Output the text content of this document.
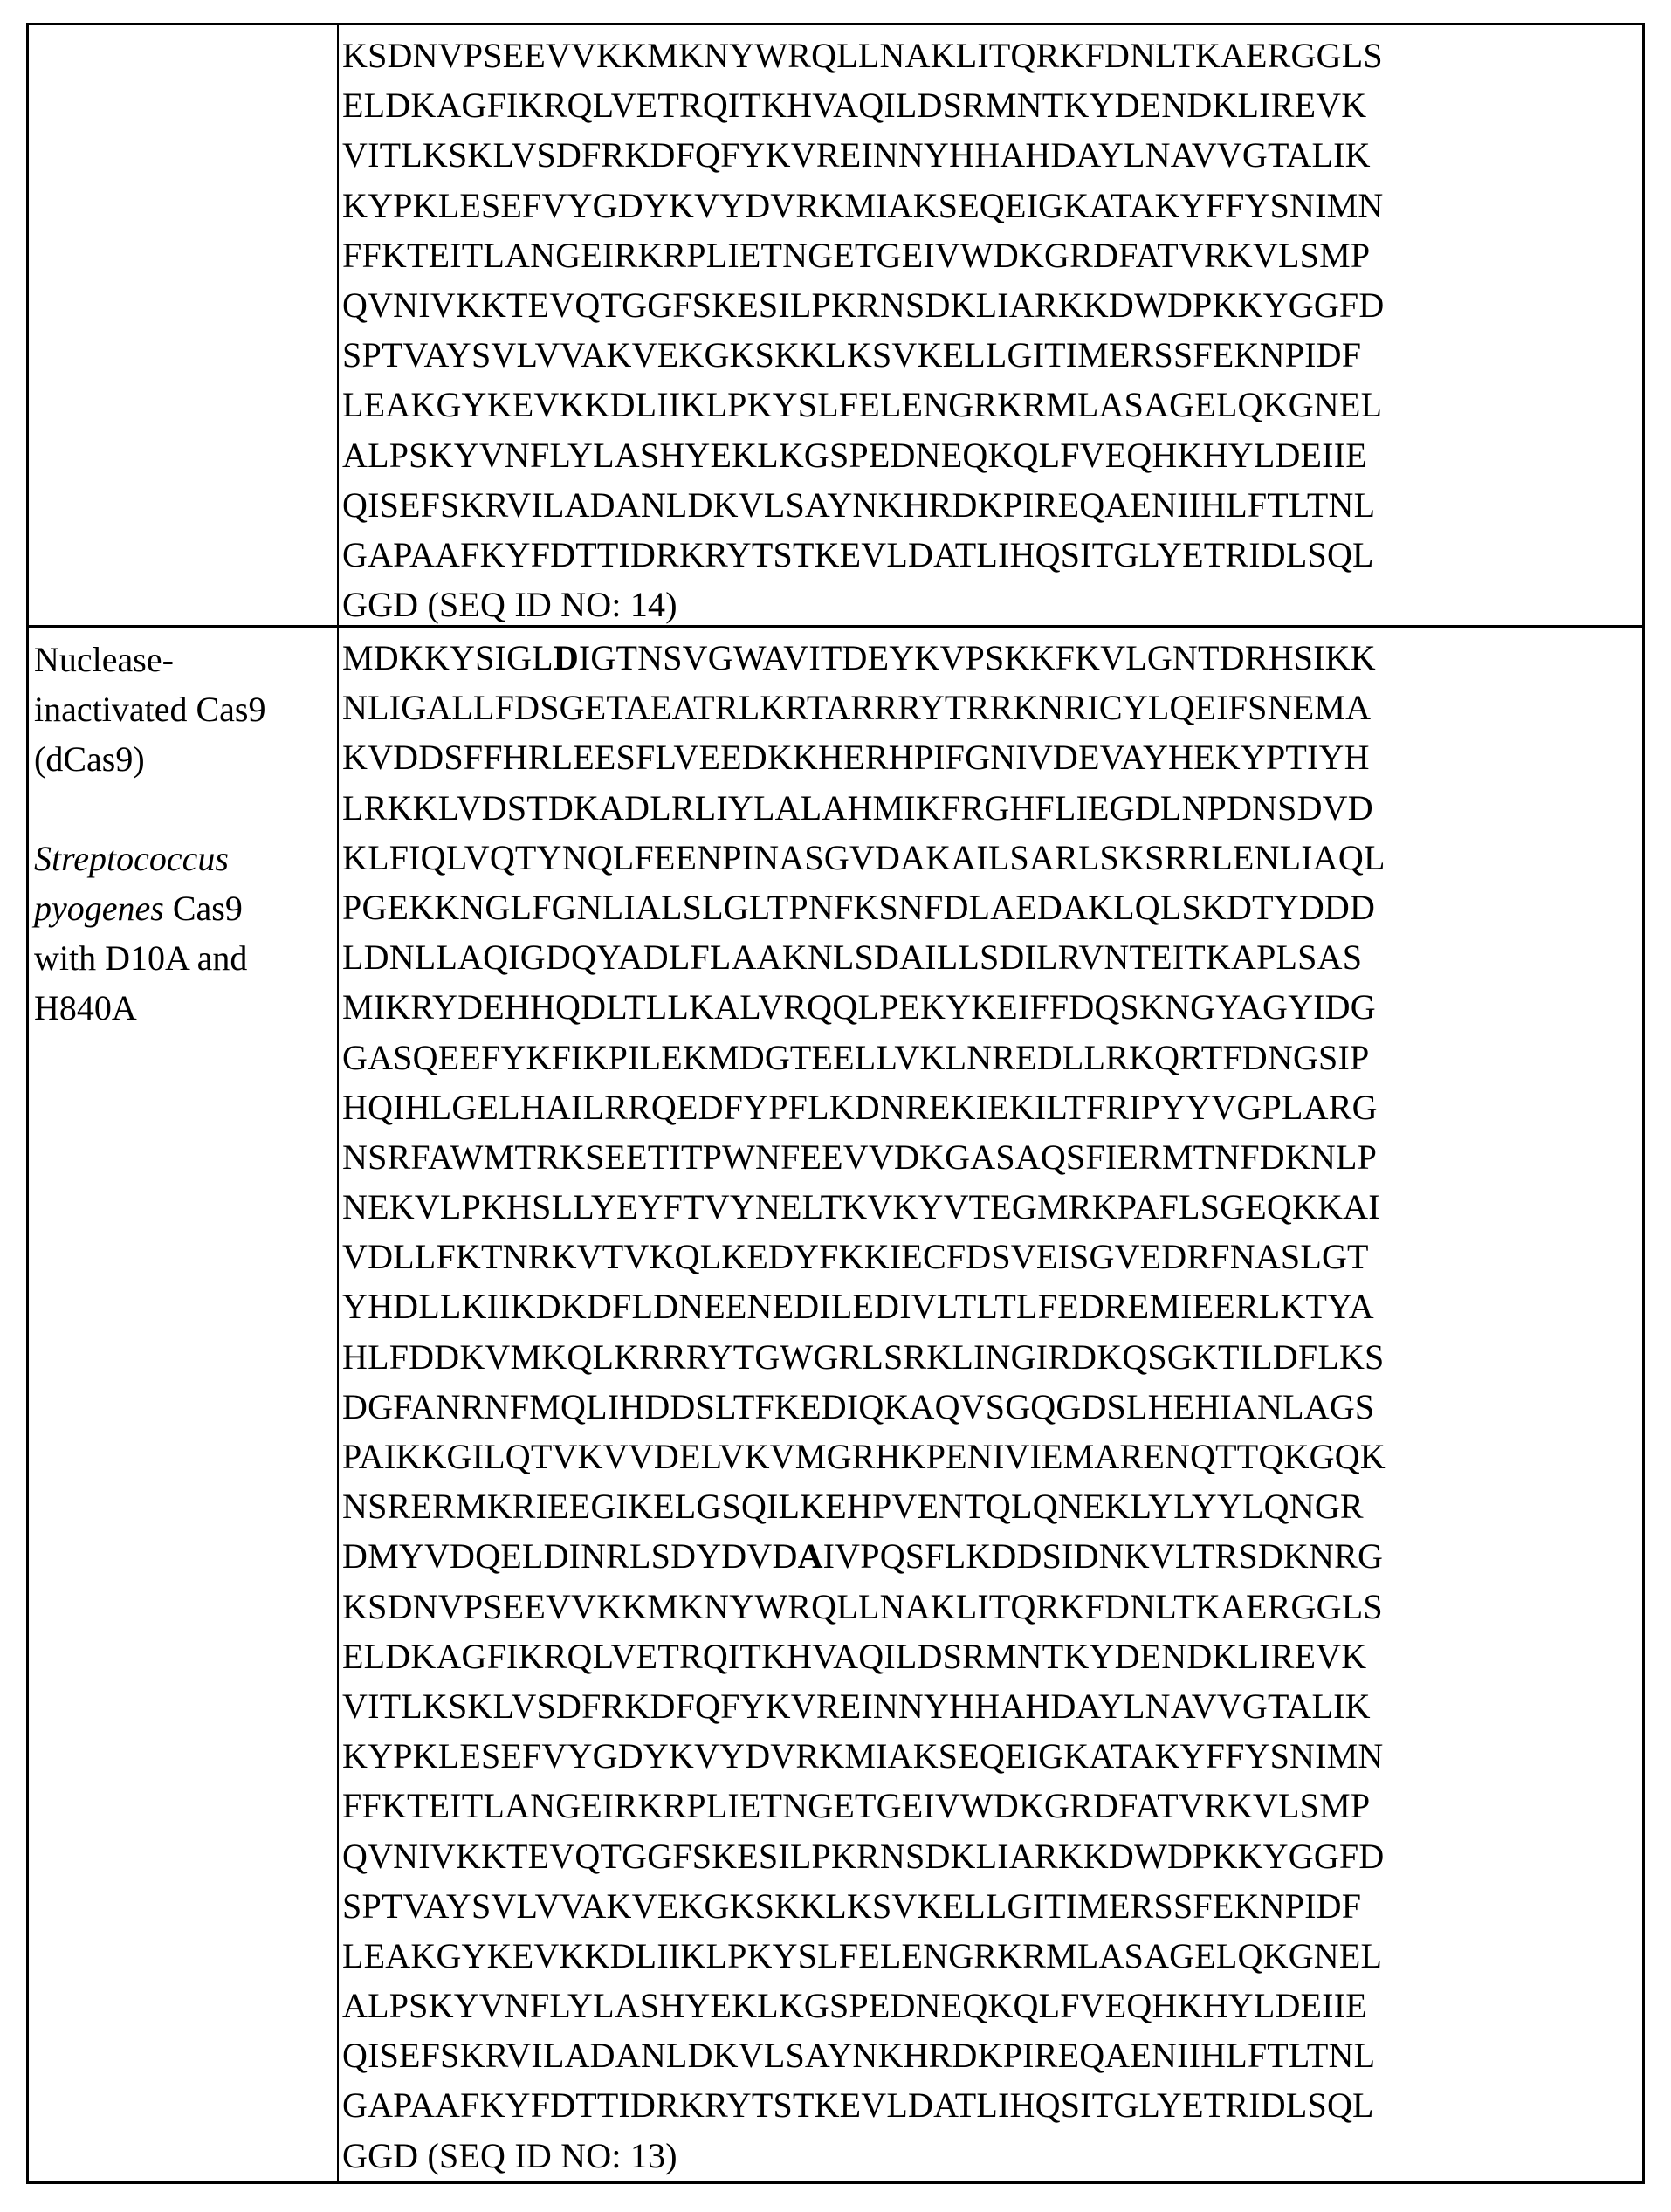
KSDNVPSEEVVKKMKNYWRQLLNAKLITQRKFDNLTKAERGGLS
ELDKAGFIKRQLVETRQITKHVAQILDSRMNTKYDENDKLIREVK
VITLKSKLVSDFRKDFQFYKVREINNYHHAHDAYLNAVVGTALIK
KYPKLESEFVYGDYKVYDVRKMIAKSEQEIGKATAKYFFYSNIMN
FFKTEITLANGEIRKRPLIETNGETGEIVWDKGRDFATVRKVLSMP
QVNIVKKTEVQTGGFSKESILPKRNSDKLIARKKDWDPKKYGGFD
SPTVAYSVLVVAKVEKGKSKKLKSVKELLGITIMERSSFEKNPIDF
LEAKGYKEVKKDLIIKLPKYSLFELENGRKRMLASAGELQKGNEL
ALPSKYVNFLYLASHYEKLKGSPEDNEQKQLFVEQHKHYLDEIIE
QISEFSKRVILADANLDKVLSAYNKHRDKPIREQAENIIHLFTLTNL
GAPAAFKYFDTTIDRKRYTSTKEVLDATLIHQSITGLYETRIDLSQL
GGD (SEQ ID NO: 14)
Nuclease-
inactivated Cas9
(dCas9)
Streptococcus
pyogenes Cas9
with D10A and
H840A
MDKKYSIGLDIGTNSVGWAVITDEYKVPSKKFKVLGNTDRHSIKK
NLIGALLFDSGETAEATRLKRTARRRYTRRKNRICYLQEIFSNEMA
KVDDSFFHRLEESFLVEEDKKHERHPIFGNIVDEVAYHEKYPTIYH
LRKKLVDSTDKADLRLIYLALAHMIKFRGHFLIEGDLNPDNSDVD
KLFIQLVQTYNQLFEENPINASGVDAKAILSARLSKSRRLENLIAQL
PGEKKNGLFGNLIALSLGLTPNFKSNFDLAEDAKLQLSKDTYDDD
LDNLLAQIGDQYADLFLAAKNLSDAILLSDILRVNTEITKAPLSAS
MIKRYDEHHQDLTLLKALVRQQLPEKYKEIFFDQSKNGYAGYIDG
GASQEEFYKFIKPILEKMDGTEELLVKLNREDLLRKQRTFDNGSIP
HQIHLGELHAILRRQEDFYPFLKDNREKIEKILTFRIPYYVGPLARG
NSRFAWMTRKSEETITPWNFEEVVDKGASAQSFIERMTNFDKNLP
NEKVLPKHSLLYEYFTVYNELTKVKYVTEGMRKPAFLSGEQKKAI
VDLLFKTNRKVTVKQLKEDYFKKIECFDSVEISGVEDRFNASLGT
YHDLLKIIKDKDFLDNEENEDILEDIVLTLTLFEDREMIEERLKTYA
HLFDDKVMKQLKRRRYTGWGRLSRKLINGIRDKQSGKTILDFLKS
DGFANRNFMQLIHDDSLTFKEDIQKAQVSGQGDSLHEHIANLAGS
PAIKKGILQTVKVVDELVKVMGRHKPENIVIEMARENQTTQKGQK
NSRERMKRIEEGIKELGSQILKEHPVENTQLQNEKLYLYYLQNGR
DMYVDQELDINRLSDYDVDAIVPQSFLKDDSIDNKVLTRSDKNRG
KSDNVPSEEVVKKMKNYWRQLLNAKLITQRKFDNLTKAERGGLS
ELDKAGFIKRQLVETRQITKHVAQILDSRMNTKYDENDKLIREVK
VITLKSKLVSDFRKDFQFYKVREINNYHHAHDAYLNAVVGTALIK
KYPKLESEFVYGDYKVYDVRKMIAKSEQEIGKATAKYFFYSNIMN
FFKTEITLANGEIRKRPLIETNGETGEIVWDKGRDFATVRKVLSMP
QVNIVKKTEVQTGGFSKESILPKRNSDKLIARKKDWDPKKYGGFD
SPTVAYSVLVVAKVEKGKSKKLKSVKELLGITIMERSSFEKNPIDF
LEAKGYKEVKKDLIIKLPKYSLFELENGRKRMLASAGELQKGNEL
ALPSKYVNFLYLASHYEKLKGSPEDNEQKQLFVEQHKHYLDEIIE
QISEFSKRVILADANLDKVLSAYNKHRDKPIREQAENIIHLFTLTNL
GAPAAFKYFDTTIDRKRYTSTKEVLDATLIHQSITGLYETRIDLSQL
GGD (SEQ ID NO: 13)
